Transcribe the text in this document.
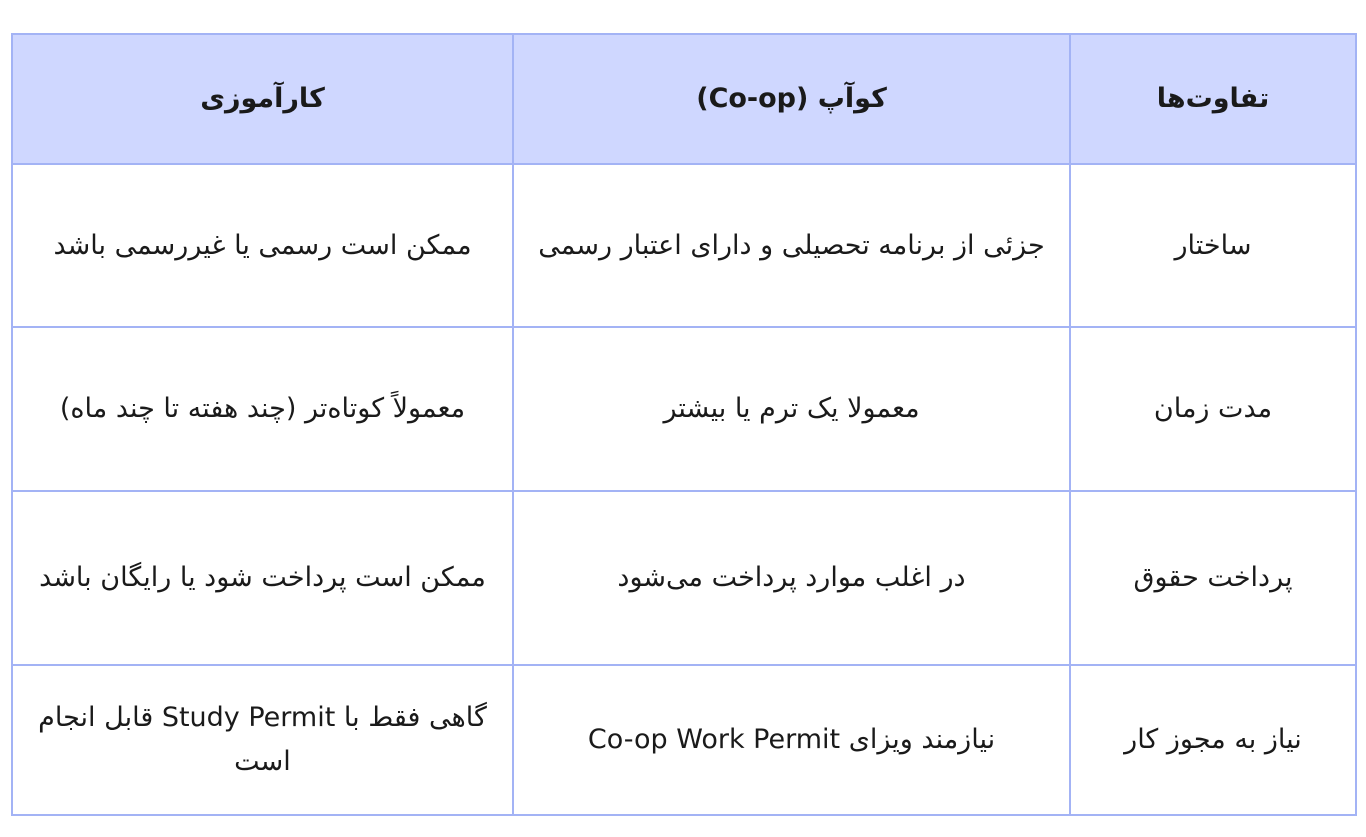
تفاوت‌ها	کوآپ (Co-op)	کارآموزی
ساختار	جزئی از برنامه تحصیلی و دارای اعتبار رسمی	ممکن است رسمی یا غیررسمی باشد
مدت زمان	معمولا یک ترم یا بیشتر	معمولاً کوتاه‌تر (چند هفته تا چند ماه)
پرداخت حقوق	در اغلب موارد پرداخت می‌شود	ممکن است پرداخت شود یا رایگان باشد
نیاز به مجوز کار	نیازمند ویزای Co-op Work Permit	گاهی فقط با Study Permit قابل انجام است
